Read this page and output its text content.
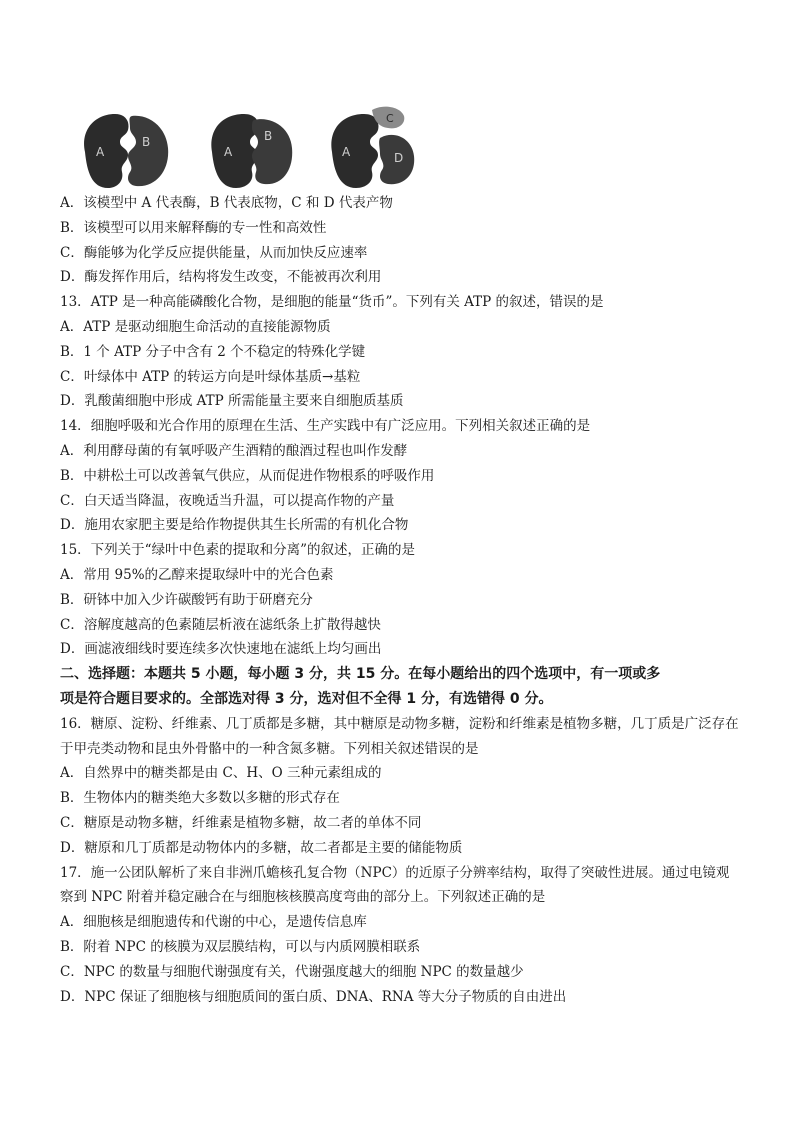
A
B
A
B
A
C
D
A．该模型中 A 代表酶，B 代表底物，C 和 D 代表产物
B．该模型可以用来解释酶的专一性和高效性
C．酶能够为化学反应提供能量，从而加快反应速率
D．酶发挥作用后，结构将发生改变，不能被再次利用
13．ATP 是一种高能磷酸化合物，是细胞的能量“货币”。下列有关 ATP 的叙述，错误的是
A．ATP 是驱动细胞生命活动的直接能源物质
B．1 个 ATP 分子中含有 2 个不稳定的特殊化学键
C．叶绿体中 ATP 的转运方向是叶绿体基质→基粒
D．乳酸菌细胞中形成 ATP 所需能量主要来自细胞质基质
14．细胞呼吸和光合作用的原理在生活、生产实践中有广泛应用。下列相关叙述正确的是
A．利用酵母菌的有氧呼吸产生酒精的酿酒过程也叫作发酵
B．中耕松土可以改善氧气供应，从而促进作物根系的呼吸作用
C．白天适当降温，夜晚适当升温，可以提高作物的产量
D．施用农家肥主要是给作物提供其生长所需的有机化合物
15．下列关于“绿叶中色素的提取和分离”的叙述，正确的是
A．常用 95%的乙醇来提取绿叶中的光合色素
B．研钵中加入少许碳酸钙有助于研磨充分
C．溶解度越高的色素随层析液在滤纸条上扩散得越快
D．画滤液细线时要连续多次快速地在滤纸上均匀画出
二、选择题：本题共 5 小题，每小题 3 分，共 15 分。在每小题给出的四个选项中，有一项或多
项是符合题目要求的。全部选对得 3 分，选对但不全得 1 分，有选错得 0 分。
16．糖原、淀粉、纤维素、几丁质都是多糖，其中糖原是动物多糖，淀粉和纤维素是植物多糖，几丁质是广泛存在于甲壳类动物和昆虫外骨骼中的一种含氮多糖。下列相关叙述错误的是
A．自然界中的糖类都是由 C、H、O 三种元素组成的
B．生物体内的糖类绝大多数以多糖的形式存在
C．糖原是动物多糖，纤维素是植物多糖，故二者的单体不同
D．糖原和几丁质都是动物体内的多糖，故二者都是主要的储能物质
17．施一公团队解析了来自非洲爪蟾核孔复合物（NPC）的近原子分辨率结构，取得了突破性进展。通过电镜观察到 NPC 附着并稳定融合在与细胞核核膜高度弯曲的部分上。下列叙述正确的是
A．细胞核是细胞遗传和代谢的中心，是遗传信息库
B．附着 NPC 的核膜为双层膜结构，可以与内质网膜相联系
C．NPC 的数量与细胞代谢强度有关，代谢强度越大的细胞 NPC 的数量越少
D．NPC 保证了细胞核与细胞质间的蛋白质、DNA、RNA 等大分子物质的自由进出
